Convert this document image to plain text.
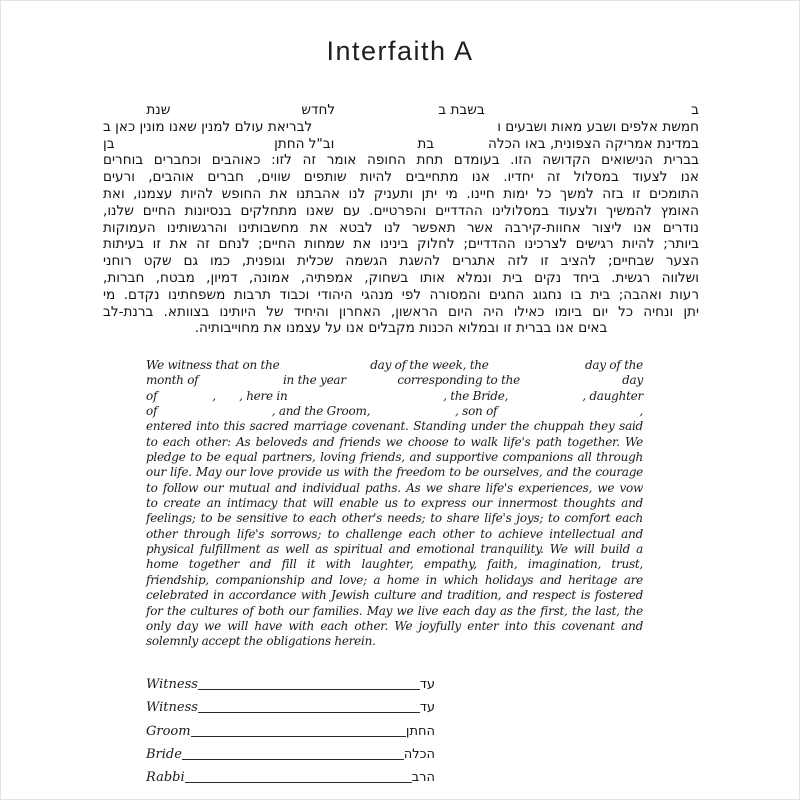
Interfaith A
ב
בשבת ב
לחדש
שנת
חמשת אלפים ושבע מאות ושבעים ו
לבריאת עולם למנין שאנו מונין כאן ב
במדינת אמריקה הצפונית, באו הכלה
בת
וב"ל החתן
בן
בברית הנישואים הקדושה הזו. בעומדם תחת החופה אומר זה לזו: כאוהבים וכחברים בוחרים
אנו לצעוד במסלול זה יחדיו. אנו מתחייבים להיות שותפים שווים, חברים אוהבים, ורעים
התומכים זו בזה למשך כל ימות חיינו. מי יתן ותעניק לנו אהבתנו את החופש להיות עצמנו, ואת
האומץ להמשיך ולצעוד במסלולינו ההדדיים והפרטיים. עם שאנו מתחלקים בנסיונות החיים שלנו,
נודרים אנו ליצור אחוות-קירבה אשר תאפשר לנו לבטא את מחשבותינו והרגשותינו העמוקות
ביותר; להיות רגישים לצרכינו ההדדיים; לחלוק בינינו את שמחות החיים; לנחם זה את זו בעיתות
הצער שבחיים; להציב זו לזה אתגרים להשגת הגשמה שכלית וגופנית, כמו גם שקט רוחני
ושלווה רגשית. ביחד נקים בית ונמלא אותו בשחוק, אמפתיה, אמונה, דמיון, מבטח, חברות,
רעות ואהבה; בית בו נחגוג החגים והמסורה לפי מנהגי היהודי וכבוד תרבות משפחתינו נקדם. מי
יתן ונחיה כל יום ביומו כאילו היה היום הראשון, האחרון והיחיד של היותינו בצוותא. ברנת-לב
באים אנו בברית זו ובמלוא הכנות מקבלים אנו על עצמנו את מחוייבותיה.
We witness that on the	day of the week, the	day of the
month of	in the year	corresponding to the	day
of	, , here in	, the Bride,	, daughter
of	, and the Groom,	, son of	,
entered into this sacred marriage covenant. Standing under the chuppah they said
to each other: As beloveds and friends we choose to walk life's path together. We
pledge to be equal partners, loving friends, and supportive companions all through
our life. May our love provide us with the freedom to be ourselves, and the courage
to follow our mutual and individual paths. As we share life's experiences, we vow
to create an intimacy that will enable us to express our innermost thoughts and
feelings; to be sensitive to each other's needs; to share life's joys; to comfort each
other through life's sorrows; to challenge each other to achieve intellectual and
physical fulfillment as well as spiritual and emotional tranquility. We will build a
home together and fill it with laughter, empathy, faith, imagination, trust,
friendship, companionship and love; a home in which holidays and heritage are
celebrated in accordance with Jewish culture and tradition, and respect is fostered
for the cultures of both our families. May we live each day as the first, the last, the
only day we will have with each other. We joyfully enter into this covenant and
solemnly accept the obligations herein.
Witness	עד
Witness	עד
Groom	החתן
Bride	הכלה
Rabbi	הרב
